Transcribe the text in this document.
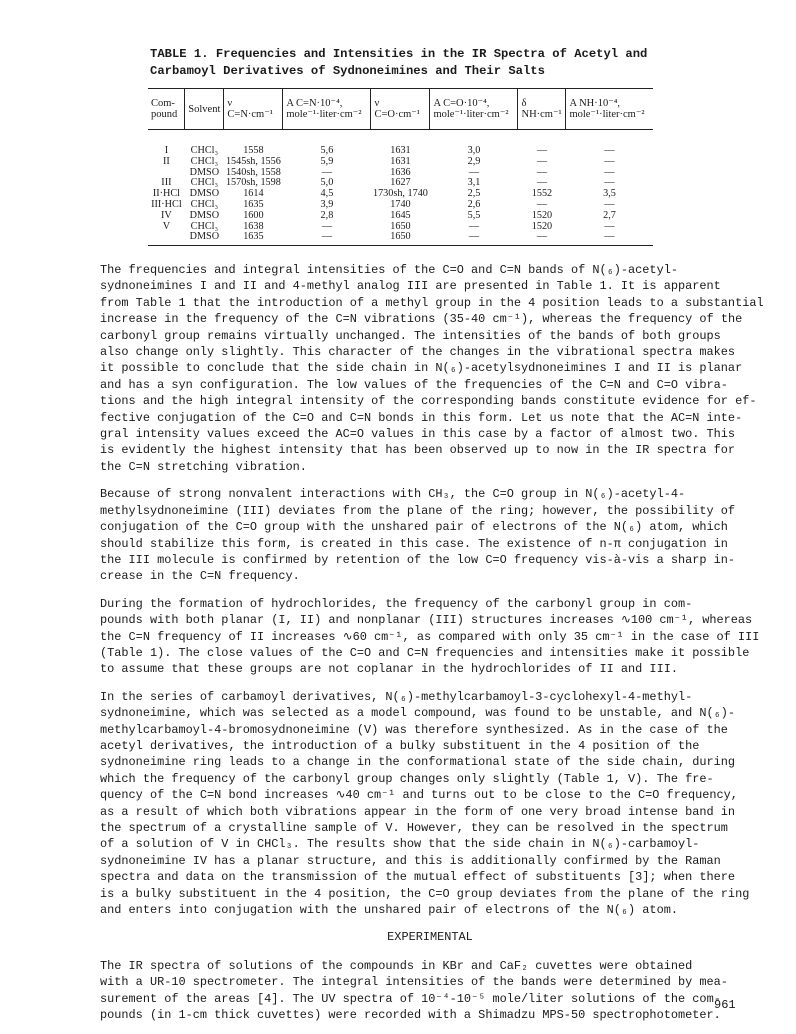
TABLE 1. Frequencies and Intensities in the IR Spectra of Acetyl and
Carbamoyl Derivatives of Sydnoneimines and Their Salts
Com-pound	Solvent	ν C=N·cm⁻¹	A C=N·10⁻⁴, mole⁻¹·liter·cm⁻²	ν C=O·cm⁻¹	A C=O·10⁻⁴, mole⁻¹·liter·cm⁻²	δ NH·cm⁻¹	A NH·10⁻⁴, mole⁻¹·liter·cm⁻²
I	CHCl₃	1558	5,6	1631	3,0	—	—
II	CHCl₃	1545sh, 1556	5,9	1631	2,9	—	—
	DMSO	1540sh, 1558	—	1636	—	—	—
III	CHCl₃	1570sh, 1598	5,0	1627	3,1	—	—
II·HCl	DMSO	1614	4,5	1730sh, 1740	2,5	1552	3,5
III·HCl	CHCl₃	1635	3,9	1740	2,6	—	—
IV	DMSO	1600	2,8	1645	5,5	1520	2,7
V	CHCl₃	1638	—	1650	—	1520	—
	DMSO	1635	—	1650	—	—	—
The frequencies and integral intensities of the C=O and C=N bands of N(₆)-acetyl-
sydnoneimines I and II and 4-methyl analog III are presented in Table 1. It is apparent
from Table 1 that the introduction of a methyl group in the 4 position leads to a substantial
increase in the frequency of the C=N vibrations (35-40 cm⁻¹), whereas the frequency of the
carbonyl group remains virtually unchanged. The intensities of the bands of both groups
also change only slightly. This character of the changes in the vibrational spectra makes
it possible to conclude that the side chain in N(₆)-acetylsydnoneimines I and II is planar
and has a syn configuration. The low values of the frequencies of the C=N and C=O vibra-
tions and the high integral intensity of the corresponding bands constitute evidence for ef-
fective conjugation of the C=O and C=N bonds in this form. Let us note that the AC=N inte-
gral intensity values exceed the AC=O values in this case by a factor of almost two. This
is evidently the highest intensity that has been observed up to now in the IR spectra for
the C=N stretching vibration.
Because of strong nonvalent interactions with CH₃, the C=O group in N(₆)-acetyl-4-
methylsydnoneimine (III) deviates from the plane of the ring; however, the possibility of
conjugation of the C=O group with the unshared pair of electrons of the N(₆) atom, which
should stabilize this form, is created in this case. The existence of n-π conjugation in
the III molecule is confirmed by retention of the low C=O frequency vis-à-vis a sharp in-
crease in the C=N frequency.
During the formation of hydrochlorides, the frequency of the carbonyl group in com-
pounds with both planar (I, II) and nonplanar (III) structures increases ∿100 cm⁻¹, whereas
the C=N frequency of II increases ∿60 cm⁻¹, as compared with only 35 cm⁻¹ in the case of III
(Table 1). The close values of the C=O and C=N frequencies and intensities make it possible
to assume that these groups are not coplanar in the hydrochlorides of II and III.
In the series of carbamoyl derivatives, N(₆)-methylcarbamoyl-3-cyclohexyl-4-methyl-
sydnoneimine, which was selected as a model compound, was found to be unstable, and N(₆)-
methylcarbamoyl-4-bromosydnoneimine (V) was therefore synthesized. As in the case of the
acetyl derivatives, the introduction of a bulky substituent in the 4 position of the
sydnoneimine ring leads to a change in the conformational state of the side chain, during
which the frequency of the carbonyl group changes only slightly (Table 1, V). The fre-
quency of the C=N bond increases ∿40 cm⁻¹ and turns out to be close to the C=O frequency,
as a result of which both vibrations appear in the form of one very broad intense band in
the spectrum of a crystalline sample of V. However, they can be resolved in the spectrum
of a solution of V in CHCl₃. The results show that the side chain in N(₆)-carbamoyl-
sydnoneimine IV has a planar structure, and this is additionally confirmed by the Raman
spectra and data on the transmission of the mutual effect of substituents [3]; when there
is a bulky substituent in the 4 position, the C=O group deviates from the plane of the ring
and enters into conjugation with the unshared pair of electrons of the N(₆) atom.
EXPERIMENTAL
The IR spectra of solutions of the compounds in KBr and CaF₂ cuvettes were obtained
with a UR-10 spectrometer. The integral intensities of the bands were determined by mea-
surement of the areas [4]. The UV spectra of 10⁻⁴-10⁻⁵ mole/liter solutions of the com-
pounds (in 1-cm thick cuvettes) were recorded with a Shimadzu MPS-50 spectrophotometer.
961
